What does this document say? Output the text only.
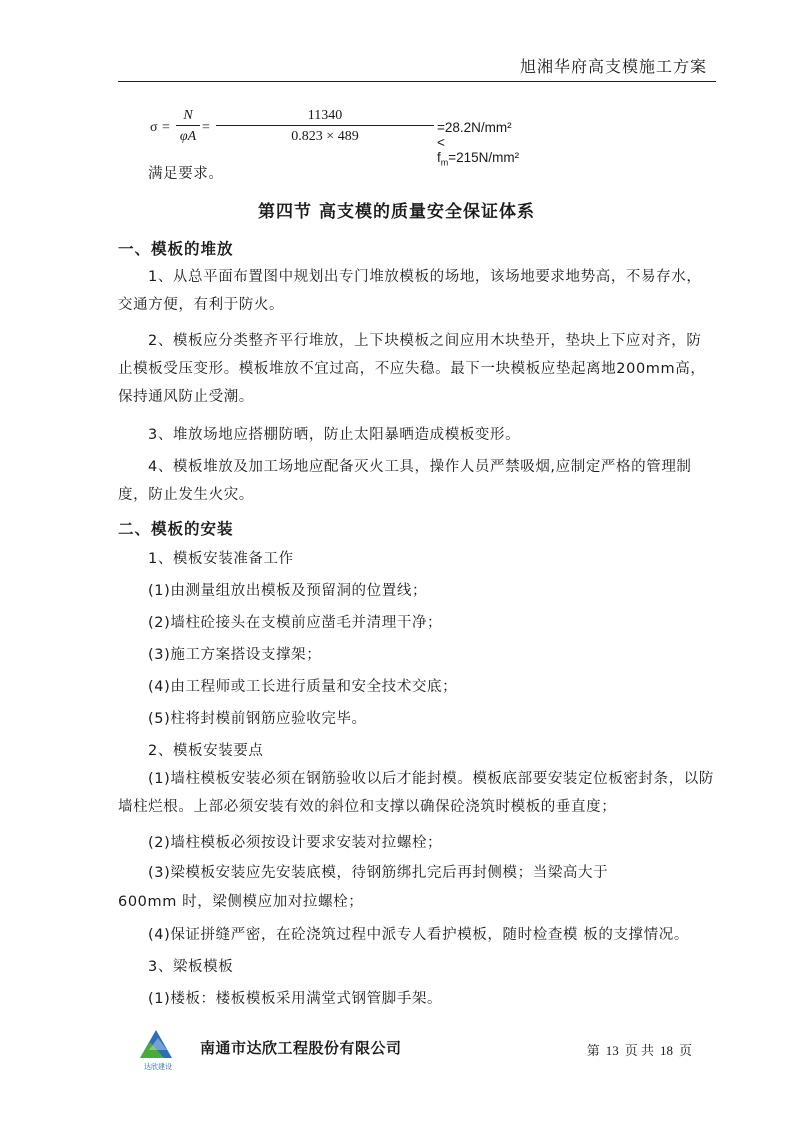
旭湘华府高支模施工方案
σ =
N
φA
=
11340
0.823 × 489
$=28.2N/mm^2 < f_m=215N$/mm²
满足要求。
第四节 高支模的质量安全保证体系
一、模板的堆放
1、从总平面布置图中规划出专门堆放模板的场地，该场地要求地势高，不易存水，交通方便，有利于防火。
2、模板应分类整齐平行堆放，上下块模板之间应用木块垫开，垫块上下应对齐，防止模板受压变形。模板堆放不宜过高，不应失稳。最下一块模板应垫起离地200mm高，保持通风防止受潮。
3、堆放场地应搭棚防晒，防止太阳暴晒造成模板变形。
4、模板堆放及加工场地应配备灭火工具，操作人员严禁吸烟,应制定严格的管理制度，防止发生火灾。
二、模板的安装
1、模板安装准备工作
(1)由测量组放出模板及预留洞的位置线；
(2)墙柱砼接头在支模前应凿毛并清理干净；
(3)施工方案搭设支撑架；
(4)由工程师或工长进行质量和安全技术交底；
(5)柱将封模前钢筋应验收完毕。
2、模板安装要点
(1)墙柱模板安装必须在钢筋验收以后才能封模。模板底部要安装定位板密封条，以防墙柱烂根。上部必须安装有效的斜位和支撑以确保砼浇筑时模板的垂直度；
(2)墙柱模板必须按设计要求安装对拉螺栓；
(3)梁模板安装应先安装底模，待钢筋绑扎完后再封侧模；当梁高大于
600mm 时，梁侧模应加对拉螺栓；
(4)保证拼缝严密，在砼浇筑过程中派专人看护模板，随时检查模 板的支撑情况。
3、梁板模板
(1)楼板：楼板模板采用满堂式钢管脚手架。
达欣建设
南通市达欣工程股份有限公司	第 13 页 共 18 页
